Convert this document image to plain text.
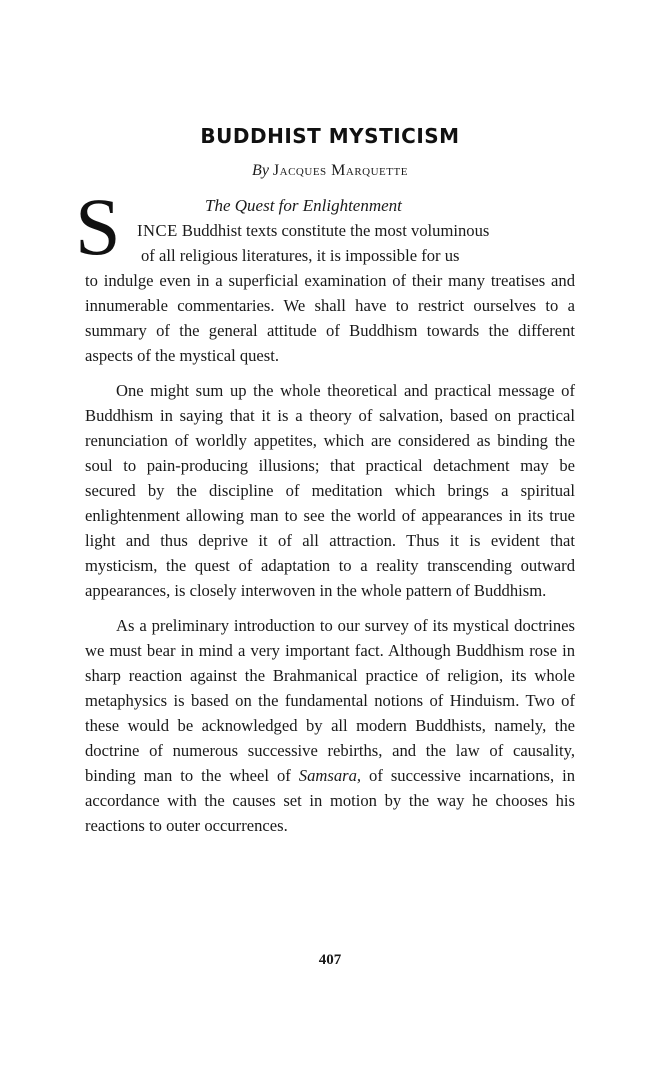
BUDDHIST MYSTICISM
By Jacques Marquette
The Quest for Enlightenment
S INCE Buddhist texts constitute the most voluminous
of all religious literatures, it is impossible for us
to indulge even in a superficial examination of their many treatises and innumerable commentaries. We shall have to restrict ourselves to a summary of the general attitude of Buddhism towards the different aspects of the mystical quest.

One might sum up the whole theoretical and practical message of Buddhism in saying that it is a theory of salvation, based on practical renunciation of worldly appetites, which are considered as binding the soul to pain-producing illusions; that practical detachment may be secured by the discipline of meditation which brings a spiritual enlightenment allowing man to see the world of appearances in its true light and thus deprive it of all attraction. Thus it is evident that mysticism, the quest of adaptation to a reality transcending outward appearances, is closely interwoven in the whole pattern of Buddhism.

As a preliminary introduction to our survey of its mystical doctrines we must bear in mind a very important fact. Although Buddhism rose in sharp reaction against the Brahmanical practice of religion, its whole metaphysics is based on the fundamental notions of Hinduism. Two of these would be acknowledged by all modern Buddhists, namely, the doctrine of numerous successive rebirths, and the law of causality, binding man to the wheel of Samsara, of successive incarnations, in accordance with the causes set in motion by the way he chooses his reactions to outer occurrences.

407
